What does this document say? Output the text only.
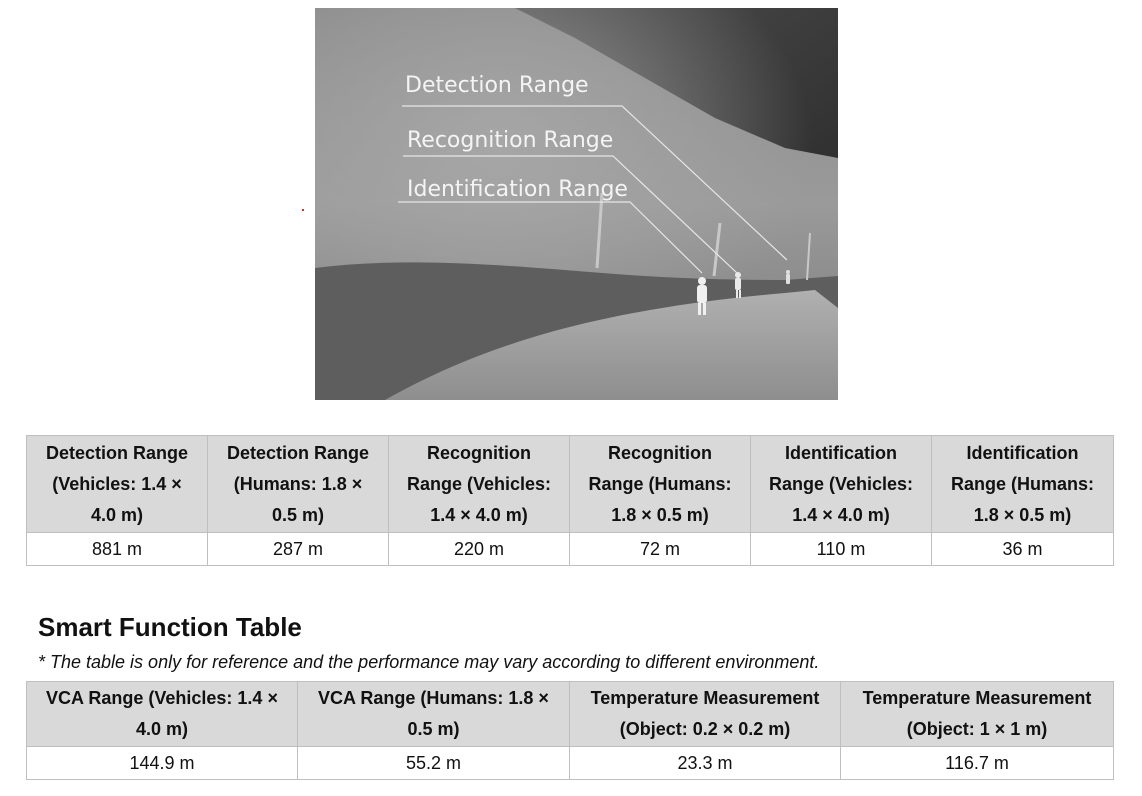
Detection Range
Recognition Range
Identification Range
Detection Range
(Vehicles: 1.4 ×
4.0 m)	Detection Range
(Humans: 1.8 ×
0.5 m)	Recognition
Range (Vehicles:
1.4 × 4.0 m)	Recognition
Range (Humans:
1.8 × 0.5 m)	Identification
Range (Vehicles:
1.4 × 4.0 m)	Identification
Range (Humans:
1.8 × 0.5 m)
881 m	287 m	220 m	72 m	110 m	36 m
Smart Function Table

* The table is only for reference and the performance may vary according to different environment.

VCA Range (Vehicles: 1.4 ×
4.0 m)	VCA Range (Humans: 1.8 ×
0.5 m)	Temperature Measurement
(Object: 0.2 × 0.2 m)	Temperature Measurement
(Object: 1 × 1 m)
144.9 m	55.2 m	23.3 m	116.7 m
